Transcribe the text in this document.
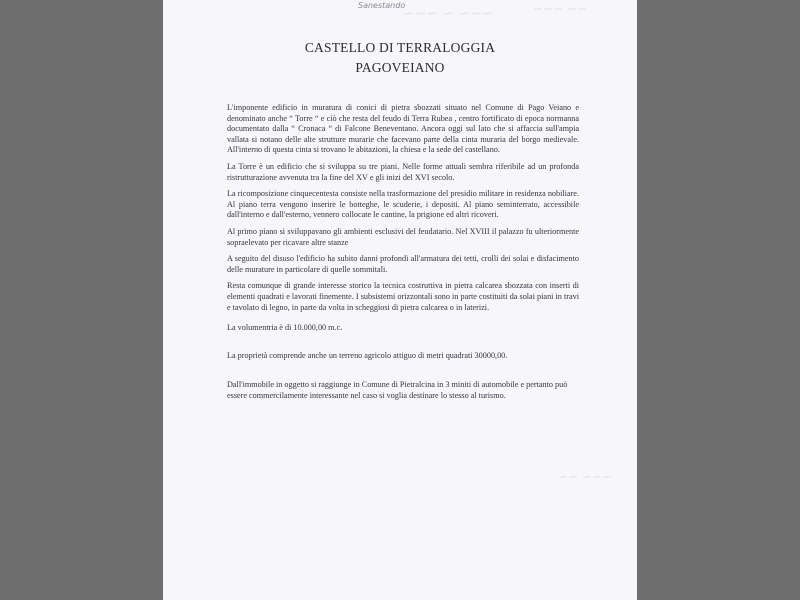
Sanestando
~~~ ~ ~~~	~~ ~~~
~~~ ~~
CASTELLO DI TERRALOGGIA
PAGOVEIANO

L'imponente edificio in muratura di conici di pietra sbozzati situato nel Comune di Pago Veiano e denominato anche “ Torre “ e ciò che resta del feudo di Terra Rubea , centro fortificato di epoca normanna documentato dalla “ Cronaca “ di Falcone Beneventano. Ancora oggi sul lato che si affaccia sull'ampia vallata si notano delle alte strutture murarie che facevano parte della cinta muraria del borgo medievale. All'interno di questa cinta si trovano le abitazioni, la chiesa e la sede del castellano.

La Torre è un edificio che si sviluppa su tre piani. Nelle forme attuali sembra riferibile ad un profonda ristrutturazione avvenuta tra la fine del XV e gli inizi del XVI secolo.

La ricomposizione cinquecentesta consiste nella trasformazione del presidio militare in residenza nobiliare. Al piano terra vengono inserire le botteghe, le scuderie, i depositi. Al piano seminterrato, accessibile dall'interno e dall'esterno, vennero collocate le cantine, la prigione ed altri ricoveri.

Al primo piano si sviluppavano gli ambienti esclusivi del feudatario. Nel XVIII il palazzo fu ulteriormente sopraelevato per ricavare altre stanze

A seguito del disuso l'edificio ha subito danni profondi all'armatura dei tetti, crolli dei solai e disfacimento delle murature in particolare di quelle sommitali.

Resta comunque di grande interesse storico la tecnica costruttiva in pietra calcarea sbozzata con inserti di elementi quadrati e lavorati finemente. I subsistemi orizzontali sono in parte costituiti da solai piani in travi e tavolato di legno, in parte da volta in scheggiosi di pietra calcarea o in laterizi.

La volumentria è di 10.000,00 m.c.

La proprietà comprende anche un terreno agricolo attiguo di metri quadrati 30000,00.

Dall'immobile in oggetto si raggiunge in Comune di Pietralcina in 3 miniti di automobile e pertanto può essere commercilamente interessante nel caso si voglia destinare lo stesso al turismo.
